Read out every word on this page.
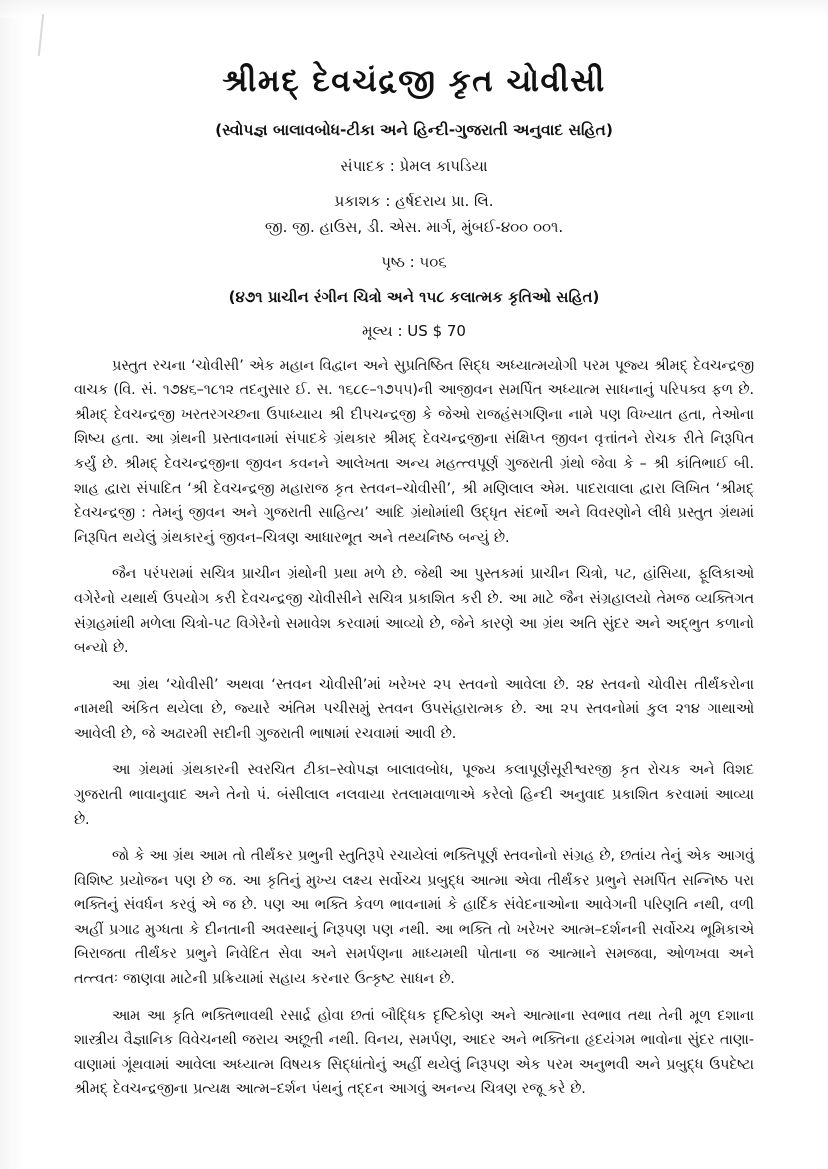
શ્રીમદ્ દેવચંદ્રજી કૃત ચોવીસી
(સ્વોપજ્ઞ બાલાવબોધ-ટીકા અને હિન્દી-ગુજરાતી અનુવાદ સહિત)
સંપાદક : પ્રેમલ કાપડિયા
પ્રકાશક : હર્ષદરાય પ્રા. લિ.
જી. જી. હાઉસ, ડી. એસ. માર્ગ, મુંબઈ-૪૦૦ ૦૦૧.
પૃષ્ઠ : ૫૦૬
(૪૭૧ પ્રાચીન રંગીન ચિત્રો અને ૧૫૮ કલાત્મક કૃતિઓ સહિત)
મૂલ્ય : US $ 70

પ્રસ્તુત રચના ‘ચોવીસી’ એક મહાન વિદ્વાન અને સુપ્રતિષ્ઠિત સિદ્ધ અધ્યાત્મયોગી પરમ પૂજ્ય શ્રીમદ્ દેવચન્દ્રજી વાચક (વિ. સં. ૧૭૪૬–૧૮૧૨ તદનુસાર ઈ. સ. ૧૬૮૯–૧૭૫૫)ની આજીવન સમર્પિત અધ્યાત્મ સાધનાનું પરિપક્વ ફળ છે. શ્રીમદ્ દેવચન્દ્રજી ખરતરગચ્છના ઉપાધ્યાય શ્રી દીપચન્દ્રજી કે જેઓ રાજહંસગણિના નામે પણ વિખ્યાત હતા, તેઓના શિષ્ય હતા. આ ગ્રંથની પ્રસ્તાવનામાં સંપાદકે ગ્રંથકાર શ્રીમદ્ દેવચન્દ્રજીના સંક્ષિપ્ત જીવન વૃત્તાંતને રોચક રીતે નિરૂપિત કર્યું છે. શ્રીમદ્ દેવચન્દ્રજીના જીવન કવનને આલેખતા અન્ય મહત્ત્વપૂર્ણ ગુજરાતી ગ્રંથો જેવા કે – શ્રી કાંતિભાઈ બી. શાહ દ્વારા સંપાદિત ‘શ્રી દેવચન્દ્રજી મહારાજ કૃત સ્તવન–ચોવીસી’, શ્રી મણિલાલ એમ. પાદરાવાલા દ્વારા લિખિત ‘શ્રીમદ્ દેવચન્દ્રજી : તેમનું જીવન અને ગુજરાતી સાહિત્ય’ આદિ ગ્રંથોમાંથી ઉદ્ધૃત સંદર્ભો અને વિવરણોને લીધે પ્રસ્તુત ગ્રંથમાં નિરૂપિત થયેલું ગ્રંથકારનું જીવન–ચિત્રણ આધારભૂત અને તથ્યનિષ્ઠ બન્યું છે.

જૈન પરંપરામાં સચિત્ર પ્રાચીન ગ્રંથોની પ્રથા મળે છે. જેથી આ પુસ્તકમાં પ્રાચીન ચિત્રો, પટ, હાંસિયા, ફૂલિકાઓ વગેરેનો યથાર્થ ઉપયોગ કરી દેવચન્દ્રજી ચોવીસીને સચિત્ર પ્રકાશિત કરી છે. આ માટે જૈન સંગ્રહાલયો તેમજ વ્યક્તિગત સંગ્રહમાંથી મળેલા ચિત્રો-પટ વિગેરેનો સમાવેશ કરવામાં આવ્યો છે, જેને કારણે આ ગ્રંથ અતિ સુંદર અને અદ્ભુત કળાનો બન્યો છે.

આ ગ્રંથ ‘ચોવીસી’ અથવા ‘સ્તવન ચોવીસી’માં ખરેખર ૨૫ સ્તવનો આવેલા છે. ૨૪ સ્તવનો ચોવીસ તીર્થંકરોના નામથી અંકિત થયેલા છે, જ્યારે અંતિમ પચીસમું સ્તવન ઉપસંહારાત્મક છે. આ ૨૫ સ્તવનોમાં કુલ ૨૧૪ ગાથાઓ આવેલી છે, જે અઢારમી સદીની ગુજરાતી ભાષામાં રચવામાં આવી છે.

આ ગ્રંથમાં ગ્રંથકારની સ્વરચિત ટીકા–સ્વોપજ્ઞ બાલાવબોધ, પૂજ્ય કલાપૂર્ણસૂરીશ્વરજી કૃત રોચક અને વિશદ ગુજરાતી ભાવાનુવાદ અને તેનો પં. બંસીલાલ નલવાયા રતલામવાળાએ કરેલો હિન્દી અનુવાદ પ્રકાશિત કરવામાં આવ્યા છે.

જો કે આ ગ્રંથ આમ તો તીર્થંકર પ્રભુની સ્તુતિરૂપે રચાયેલાં ભક્તિપૂર્ણ સ્તવનોનો સંગ્રહ છે, છતાંય તેનું એક આગવું વિશિષ્ટ પ્રયોજન પણ છે જ. આ કૃતિનું મુખ્ય લક્ષ્ય સર્વોચ્ચ પ્રબુદ્ધ આત્મા એવા તીર્થંકર પ્રભુને સમર્પિત સન્નિષ્ઠ પરા ભક્તિનું સંવર્ધન કરવું એ જ છે. પણ આ ભક્તિ કેવળ ભાવનામાં કે હાર્દિક સંવેદનાઓના આવેગની પરિણતિ નથી, વળી અહીં પ્રગાઢ મુગ્ધતા કે દીનતાની અવસ્થાનું નિરૂપણ પણ નથી. આ ભક્તિ તો ખરેખર આત્મ–દર્શનની સર્વોચ્ચ ભૂમિકાએ બિરાજતા તીર્થંકર પ્રભુને નિવેદિત સેવા અને સમર્પણના માધ્યમથી પોતાના જ આત્માને સમજવા, ઓળખવા અને તત્ત્વતઃ જાણવા માટેની પ્રક્રિયામાં સહાય કરનાર ઉત્કૃષ્ટ સાધન છે.

આમ આ કૃતિ ભક્તિભાવથી રસાર્દ્ર હોવા છતાં બૌદ્ધિક દૃષ્ટિકોણ અને આત્માના સ્વભાવ તથા તેની મૂળ દશાના શાસ્ત્રીય વૈજ્ઞાનિક વિવેચનથી જરાય અછૂતી નથી. વિનય, સમર્પણ, આદર અને ભક્તિના હૃદયંગમ ભાવોના સુંદર તાણા-વાણામાં ગૂંથવામાં આવેલા અધ્યાત્મ વિષયક સિદ્ધાંતોનું અહીં થયેલું નિરૂપણ એક પરમ અનુભવી અને પ્રબુદ્ધ ઉપદેષ્ટા શ્રીમદ્ દેવચન્દ્રજીના પ્રત્યક્ષ આત્મ–દર્શન પંથનું તદ્દન આગવું અનન્ય ચિત્રણ રજૂ કરે છે.
